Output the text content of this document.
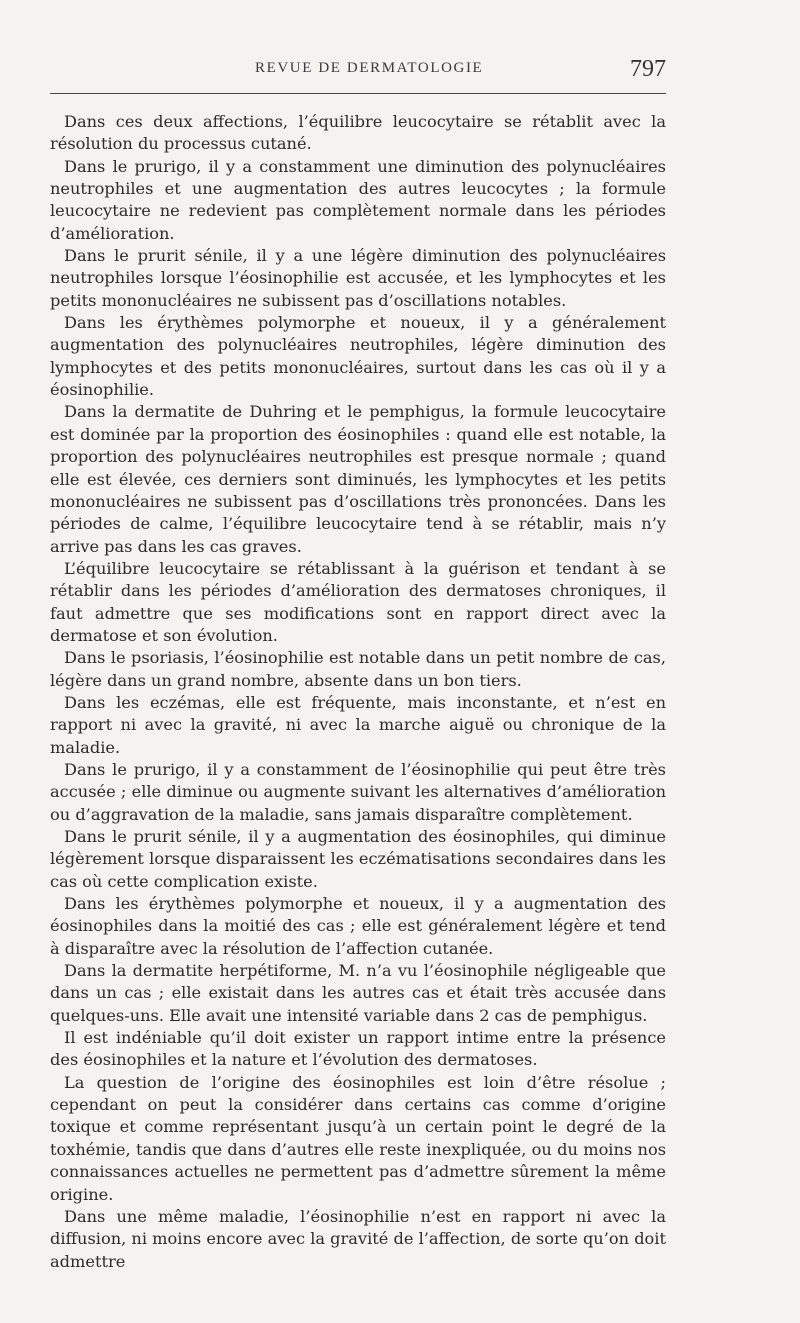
REVUE DE DERMATOLOGIE	797

Dans ces deux affections, l’équilibre leucocytaire se rétablit avec la résolution du processus cutané.

Dans le prurigo, il y a constamment une diminution des polynucléaires neutrophiles et une augmentation des autres leucocytes ; la formule leucocytaire ne redevient pas complètement normale dans les périodes d’amélioration.

Dans le prurit sénile, il y a une légère diminution des polynucléaires neutrophiles lorsque l’éosinophilie est accusée, et les lymphocytes et les petits mononucléaires ne subissent pas d’oscillations notables.

Dans les érythèmes polymorphe et noueux, il y a généralement augmentation des polynucléaires neutrophiles, légère diminution des lymphocytes et des petits mononucléaires, surtout dans les cas où il y a éosinophilie.

Dans la dermatite de Duhring et le pemphigus, la formule leucocytaire est dominée par la proportion des éosinophiles : quand elle est notable, la proportion des polynucléaires neutrophiles est presque normale ; quand elle est élevée, ces derniers sont diminués, les lymphocytes et les petits mononucléaires ne subissent pas d’oscillations très prononcées. Dans les périodes de calme, l’équilibre leucocytaire tend à se rétablir, mais n’y arrive pas dans les cas graves.

L’équilibre leucocytaire se rétablissant à la guérison et tendant à se rétablir dans les périodes d’amélioration des dermatoses chroniques, il faut admettre que ses modifications sont en rapport direct avec la dermatose et son évolution.

Dans le psoriasis, l’éosinophilie est notable dans un petit nombre de cas, légère dans un grand nombre, absente dans un bon tiers.

Dans les eczémas, elle est fréquente, mais inconstante, et n’est en rapport ni avec la gravité, ni avec la marche aiguë ou chronique de la maladie.

Dans le prurigo, il y a constamment de l’éosinophilie qui peut être très accusée ; elle diminue ou augmente suivant les alternatives d’amélioration ou d’aggravation de la maladie, sans jamais disparaître complètement.

Dans le prurit sénile, il y a augmentation des éosinophiles, qui diminue légèrement lorsque disparaissent les eczématisations secondaires dans les cas où cette complication existe.

Dans les érythèmes polymorphe et noueux, il y a augmentation des éosinophiles dans la moitié des cas ; elle est généralement légère et tend à disparaître avec la résolution de l’affection cutanée.

Dans la dermatite herpétiforme, M. n’a vu l’éosinophile négligeable que dans un cas ; elle existait dans les autres cas et était très accusée dans quelques-uns. Elle avait une intensité variable dans 2 cas de pemphigus.

Il est indéniable qu’il doit exister un rapport intime entre la présence des éosinophiles et la nature et l’évolution des dermatoses.

La question de l’origine des éosinophiles est loin d’être résolue ; cependant on peut la considérer dans certains cas comme d’origine toxique et comme représentant jusqu’à un certain point le degré de la toxhémie, tandis que dans d’autres elle reste inexpliquée, ou du moins nos connaissances actuelles ne permettent pas d’admettre sûrement la même origine.

Dans une même maladie, l’éosinophilie n’est en rapport ni avec la diffusion, ni moins encore avec la gravité de l’affection, de sorte qu’on doit admettre
